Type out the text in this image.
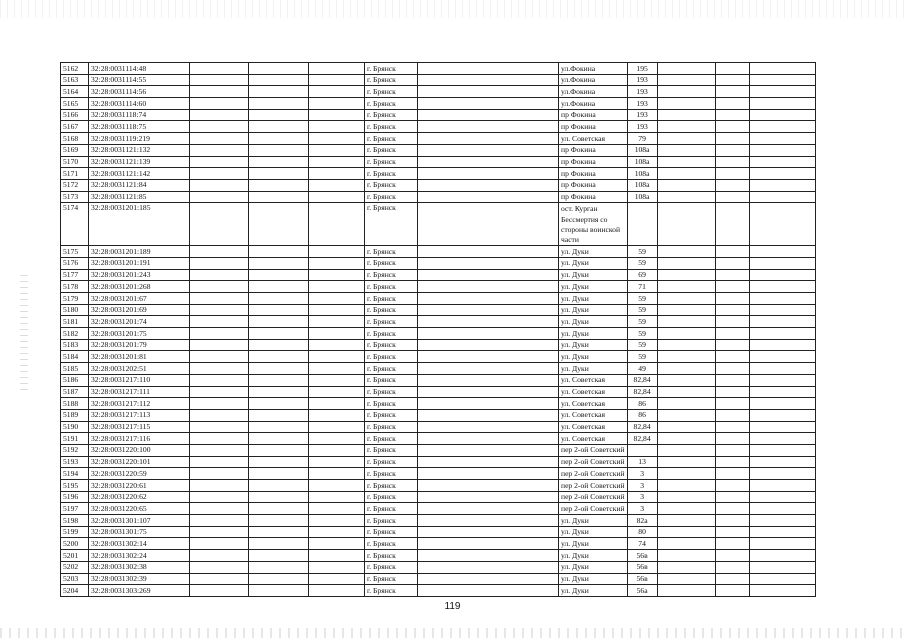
5162	32:28:0031114:48				г. Брянск		ул.Фокина	195			
5163	32:28:0031114:55				г. Брянск		ул.Фокина	193			
5164	32:28:0031114:56				г. Брянск		ул.Фокина	193			
5165	32:28:0031114:60				г. Брянск		ул.Фокина	193			
5166	32:28:0031118:74				г. Брянск		пр Фокина	193			
5167	32:28:0031118:75				г. Брянск		пр Фокина	193			
5168	32:28:0031119:219				г. Брянск		ул. Советская	79			
5169	32:28:0031121:132				г. Брянск		пр Фокина	108а			
5170	32:28:0031121:139				г. Брянск		пр Фокина	108а			
5171	32:28:0031121:142				г. Брянск		пр Фокина	108а			
5172	32:28:0031121:84				г. Брянск		пр Фокина	108а			
5173	32:28:0031121:85				г. Брянск		пр Фокина	108а			
5174	32:28:0031201:185				г. Брянск		ост. Курган Бессмертия со стороны воинской части				
5175	32:28:0031201:189				г. Брянск		ул. Дуки	59			
5176	32:28:0031201:191				г. Брянск		ул. Дуки	59			
5177	32:28:0031201:243				г. Брянск		ул. Дуки	69			
5178	32:28:0031201:268				г. Брянск		ул. Дуки	71			
5179	32:28:0031201:67				г. Брянск		ул. Дуки	59			
5180	32:28:0031201:69				г. Брянск		ул. Дуки	59			
5181	32:28:0031201:74				г. Брянск		ул. Дуки	59			
5182	32:28:0031201:75				г. Брянск		ул. Дуки	59			
5183	32:28:0031201:79				г. Брянск		ул. Дуки	59			
5184	32:28:0031201:81				г. Брянск		ул. Дуки	59			
5185	32:28:0031202:51				г. Брянск		ул. Дуки	49			
5186	32:28:0031217:110				г. Брянск		ул. Советская	82,84			
5187	32:28:0031217:111				г. Брянск		ул. Советская	82,84			
5188	32:28:0031217:112				г. Брянск		ул. Советская	86			
5189	32:28:0031217:113				г. Брянск		ул. Советская	86			
5190	32:28:0031217:115				г. Брянск		ул. Советская	82,84			
5191	32:28:0031217:116				г. Брянск		ул. Советская	82,84			
5192	32:28:0031220:100				г. Брянск		пер 2-ой Советский				
5193	32:28:0031220:101				г. Брянск		пер 2-ой Советский	13			
5194	32:28:0031220:59				г. Брянск		пер 2-ой Советский	3			
5195	32:28:0031220:61				г. Брянск		пер 2-ой Советский	3			
5196	32:28:0031220:62				г. Брянск		пер 2-ой Советский	3			
5197	32:28:0031220:65				г. Брянск		пер 2-ой Советский	3			
5198	32:28:0031301:107				г. Брянск		ул. Дуки	82а			
5199	32:28:0031301:75				г. Брянск		ул. Дуки	80			
5200	32:28:0031302:14				г. Брянск		ул. Дуки	74			
5201	32:28:0031302:24				г. Брянск		ул. Дуки	56в			
5202	32:28:0031302:38				г. Брянск		ул. Дуки	56в			
5203	32:28:0031302:39				г. Брянск		ул. Дуки	56в			
5204	32:28:0031303:269				г. Брянск		ул. Дуки	56а			
119
